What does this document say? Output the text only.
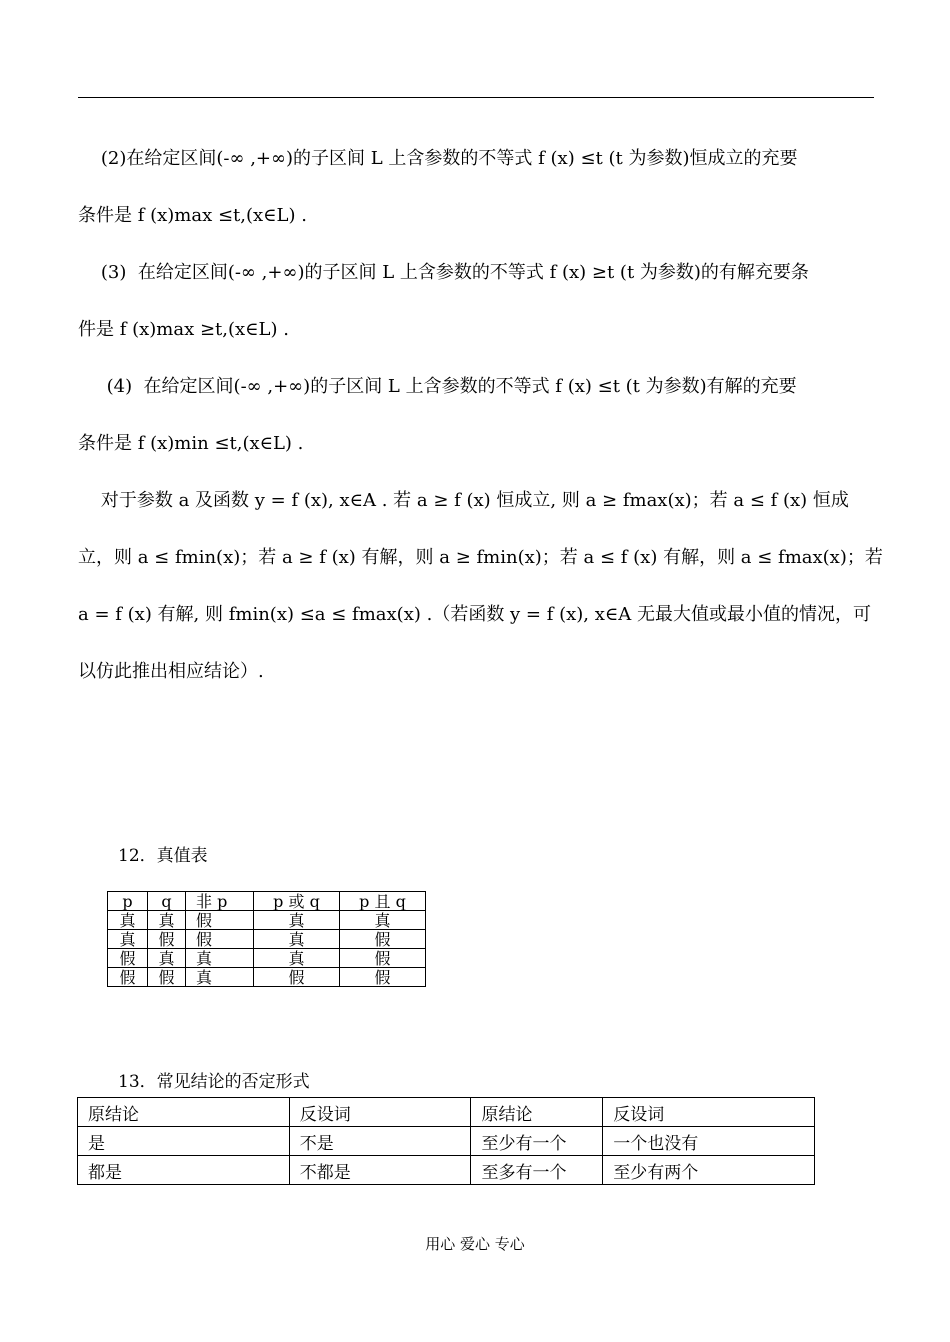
(2)在给定区间(-∞ ,+∞)的子区间 L 上含参数的不等式 f (x) ≤t (t 为参数)恒成立的充要
条件是 f (x)max ≤t,(x∈L) .
(3)  在给定区间(-∞ ,+∞)的子区间 L 上含参数的不等式 f (x) ≥t (t 为参数)的有解充要条
件是 f (x)max ≥t,(x∈L) .
(4)  在给定区间(-∞ ,+∞)的子区间 L 上含参数的不等式 f (x) ≤t (t 为参数)有解的充要
条件是 f (x)min ≤t,(x∈L) .
对于参数 a 及函数 y = f (x), x∈A . 若 a ≥ f (x) 恒成立, 则 a ≥ fmax(x)；若 a ≤ f (x) 恒成
立，则 a ≤ fmin(x)；若 a ≥ f (x) 有解，则 a ≥ fmin(x)；若 a ≤ f (x) 有解，则 a ≤ fmax(x)；若
a = f (x) 有解, 则 fmin(x) ≤a ≤ fmax(x) .（若函数 y = f (x), x∈A 无最大值或最小值的情况，可
以仿此推出相应结论）.
12．真值表
p	q	非 p	p 或 q	p 且 q
真	真	假	真	真
真	假	假	真	假
假	真	真	真	假
假	假	真	假	假
13．常见结论的否定形式
原结论	反设词	原结论	反设词
是	不是	至少有一个	一个也没有
都是	不都是	至多有一个	至少有两个
用心 爱心 专心
